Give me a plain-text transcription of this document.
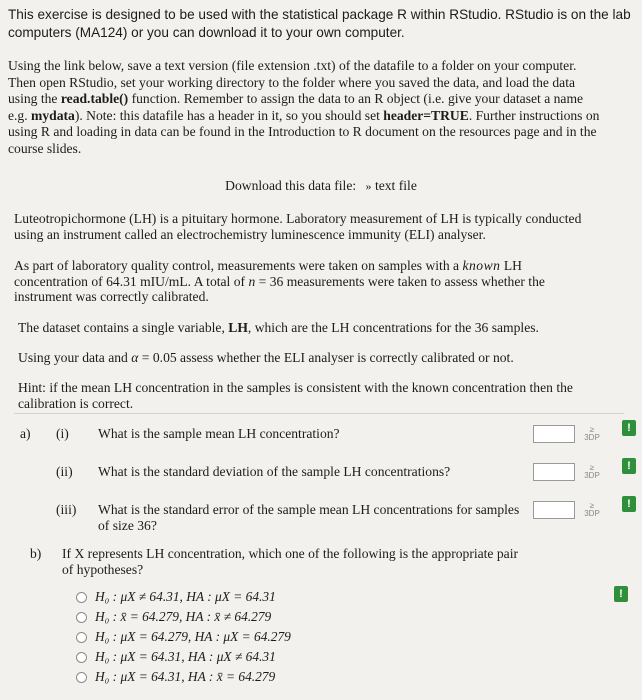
This exercise is designed to be used with the statistical package R within RStudio. RStudio is on the lab
computers (MA124) or you can download it to your own computer.
Using the link below, save a text version (file extension .txt) of the datafile to a folder on your computer.
Then open RStudio, set your working directory to the folder where you saved the data, and load the data
using the read.table() function. Remember to assign the data to an R object (i.e. give your dataset a name
e.g. mydata). Note: this datafile has a header in it, so you should set header=TRUE. Further instructions on
using R and loading in data can be found in the Introduction to R document on the resources page and in the
course slides.
Download this data file: » text file
Luteotropichormone (LH) is a pituitary hormone. Laboratory measurement of LH is typically conducted
using an instrument called an electrochemistry luminescence immunity (ELI) analyser.
As part of laboratory quality control, measurements were taken on samples with a known LH
concentration of 64.31 mIU/mL. A total of n = 36 measurements were taken to assess whether the
instrument was correctly calibrated.
The dataset contains a single variable, LH, which are the LH concentrations for the 36 samples.
Using your data and α = 0.05 assess whether the ELI analyser is correctly calibrated or not.
Hint: if the mean LH concentration in the samples is consistent with the known concentration then the
calibration is correct.
a) (i) What is the sample mean LH concentration?	≥
3DP
!
(ii) What is the standard deviation of the sample LH concentrations?	≥
3DP
!
(iii) What is the standard error of the sample mean LH concentrations for samples
of size 36?
≥
3DP
!
b) If X represents LH concentration, which one of the following is the appropriate pair
of hypotheses?
!
H₀ : μX ≠ 64.31, HA : μX = 64.31
H₀ : x̄ = 64.279, HA : x̄ ≠ 64.279
H₀ : μX = 64.279, HA : μX = 64.279
H₀ : μX = 64.31, HA : μX ≠ 64.31
H₀ : μX = 64.31, HA : x̄ = 64.279
